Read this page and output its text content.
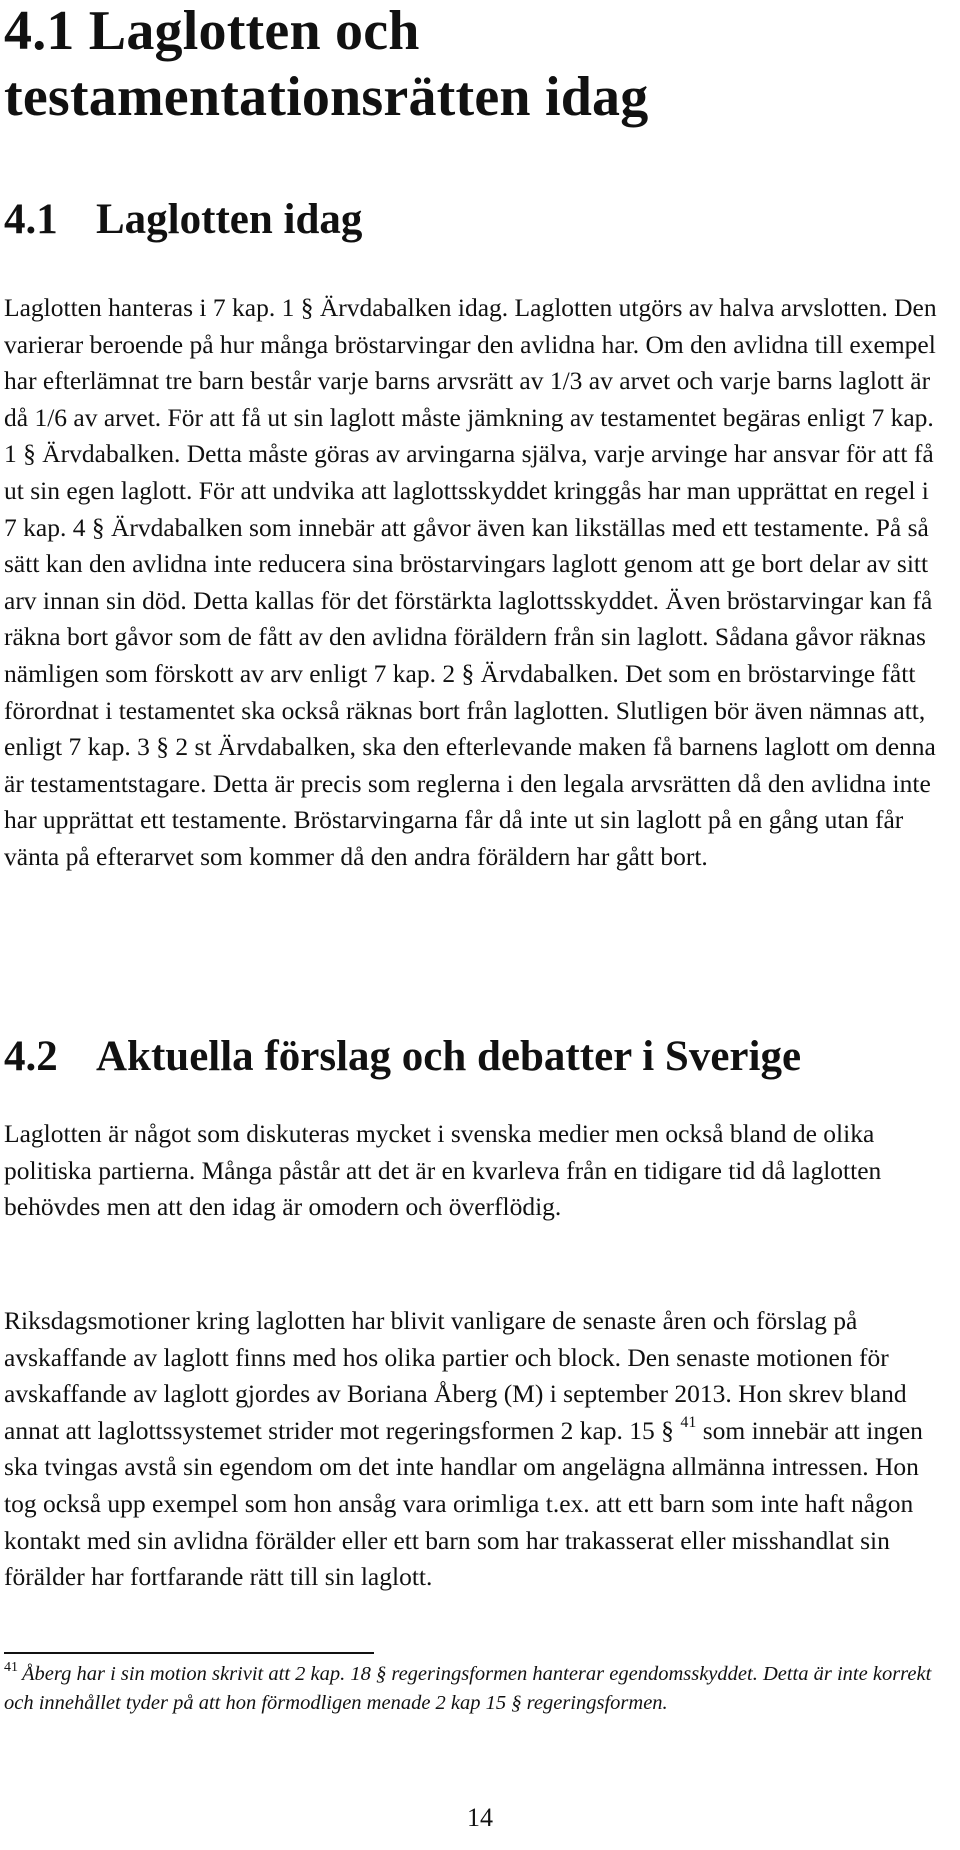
4.1 Laglotten och testamentationsrätten idag
4.1 Laglotten idag

Laglotten hanteras i 7 kap. 1 § Ärvdabalken idag. Laglotten utgörs av halva arvslotten. Den varierar beroende på hur många bröstarvingar den avlidna har. Om den avlidna till exempel har efterlämnat tre barn består varje barns arvsrätt av 1/3 av arvet och varje barns laglott är då 1/6 av arvet. För att få ut sin laglott måste jämkning av testamentet begäras enligt 7 kap. 1 § Ärvdabalken. Detta måste göras av arvingarna själva, varje arvinge har ansvar för att få ut sin egen laglott. För att undvika att laglottsskyddet kringgås har man upprättat en regel i 7 kap. 4 § Ärvdabalken som innebär att gåvor även kan likställas med ett testamente. På så sätt kan den avlidna inte reducera sina bröstarvingars laglott genom att ge bort delar av sitt arv innan sin död. Detta kallas för det förstärkta laglottsskyddet. Även bröstarvingar kan få räkna bort gåvor som de fått av den avlidna föräldern från sin laglott. Sådana gåvor räknas nämligen som förskott av arv enligt 7 kap. 2 § Ärvdabalken. Det som en bröstarvinge fått förordnat i testamentet ska också räknas bort från laglotten. Slutligen bör även nämnas att, enligt 7 kap. 3 § 2 st Ärvdabalken, ska den efterlevande maken få barnens laglott om denna är testamentstagare. Detta är precis som reglerna i den legala arvsrätten då den avlidna inte har upprättat ett testamente. Bröstarvingarna får då inte ut sin laglott på en gång utan får vänta på efterarvet som kommer då den andra föräldern har gått bort.

4.2 Aktuella förslag och debatter i Sverige

Laglotten är något som diskuteras mycket i svenska medier men också bland de olika politiska partierna. Många påstår att det är en kvarleva från en tidigare tid då laglotten behövdes men att den idag är omodern och överflödig.

Riksdagsmotioner kring laglotten har blivit vanligare de senaste åren och förslag på avskaffande av laglott finns med hos olika partier och block. Den senaste motionen för avskaffande av laglott gjordes av Boriana Åberg (M) i september 2013. Hon skrev bland annat att laglottssystemet strider mot regeringsformen 2 kap. 15 § $^{41}$ som innebär att ingen ska tvingas avstå sin egendom om det inte handlar om angelägna allmänna intressen. Hon tog också upp exempel som hon ansåg vara orimliga t.ex. att ett barn som inte haft någon kontakt med sin avlidna förälder eller ett barn som har trakasserat eller misshandlat sin förälder har fortfarande rätt till sin laglott.

$^{41}$ Åberg har i sin motion skrivit att 2 kap. 18 § regeringsformen hanterar egendomsskyddet. Detta är inte korrekt och innehållet tyder på att hon förmodligen menade 2 kap 15 § regeringsformen.

14
